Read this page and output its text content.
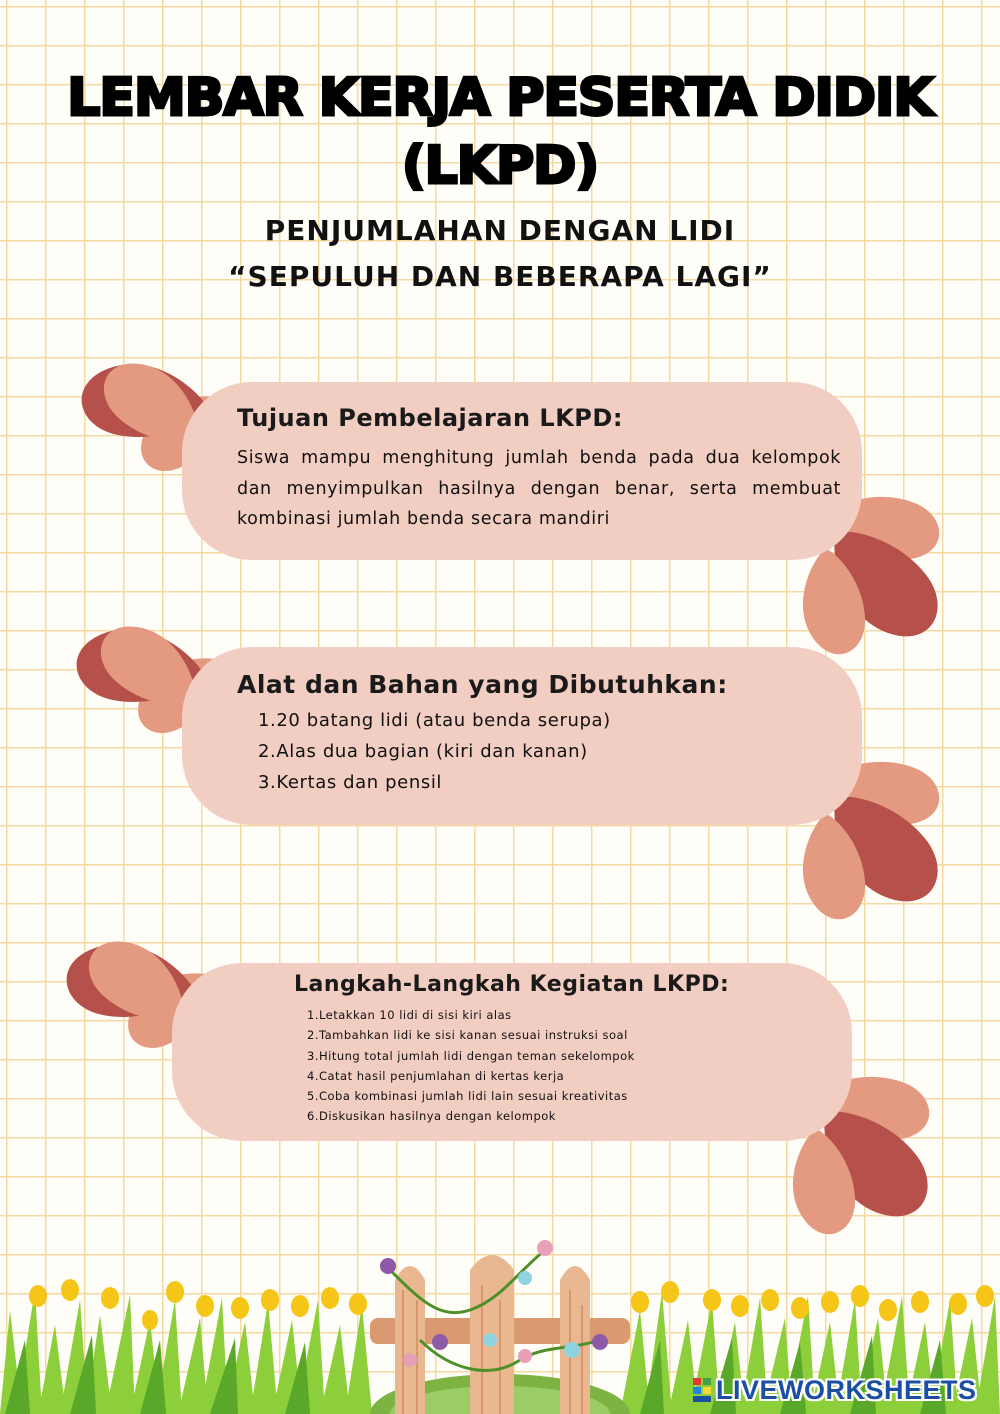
LEMBAR KERJA PESERTA DIDIK
(LKPD)
PENJUMLAHAN DENGAN LIDI
“SEPULUH DAN BEBERAPA LAGI”
Tujuan Pembelajaran LKPD:
Siswa mampu menghitung jumlah benda pada dua kelompok dan menyimpulkan hasilnya dengan benar, serta membuat kombinasi jumlah benda secara mandiri
Alat dan Bahan yang Dibutuhkan:
1.20 batang lidi (atau benda serupa)
2.Alas dua bagian (kiri dan kanan)
3.Kertas dan pensil
Langkah-Langkah Kegiatan LKPD:
1.Letakkan 10 lidi di sisi kiri alas
2.Tambahkan lidi ke sisi kanan sesuai instruksi soal
3.Hitung total jumlah lidi dengan teman sekelompok
4.Catat hasil penjumlahan di kertas kerja
5.Coba kombinasi jumlah lidi lain sesuai kreativitas
6.Diskusikan hasilnya dengan kelompok
LIVEWORKSHEETS
